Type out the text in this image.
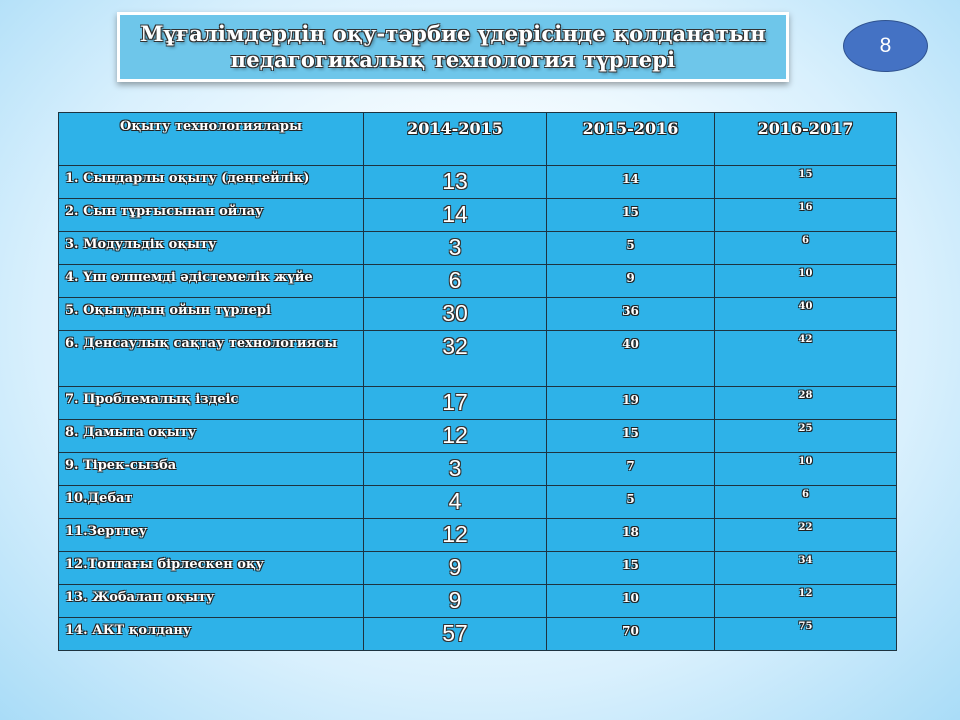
Мұғалімдердің оқу-тәрбие үдерісінде қолданатын
педагогикалық технология түрлері
8
Оқыту технологиялары	2014-2015	2015-2016	2016-2017
1. Сындарлы оқыту (деңгейлік)	13	14	15
2. Сын тұрғысынан ойлау	14	15	16
3. Модульдік оқыту	3	5	6
4. Үш өлшемді әдістемелік жүйе	6	9	10
5. Оқытудың ойын түрлері	30	36	40
6. Денсаулық сақтау технологиясы	32	40	42
7. Проблемалық іздеіс	17	19	28
8. Дамыта оқыту	12	15	25
9. Тірек-сызба	3	7	10
10.Дебат	4	5	6
11.Зерттеу	12	18	22
12.Топтағы бірлескен оқу	9	15	34
13. Жобалап оқыту	9	10	12
14. АКТ қолдану	57	70	75
